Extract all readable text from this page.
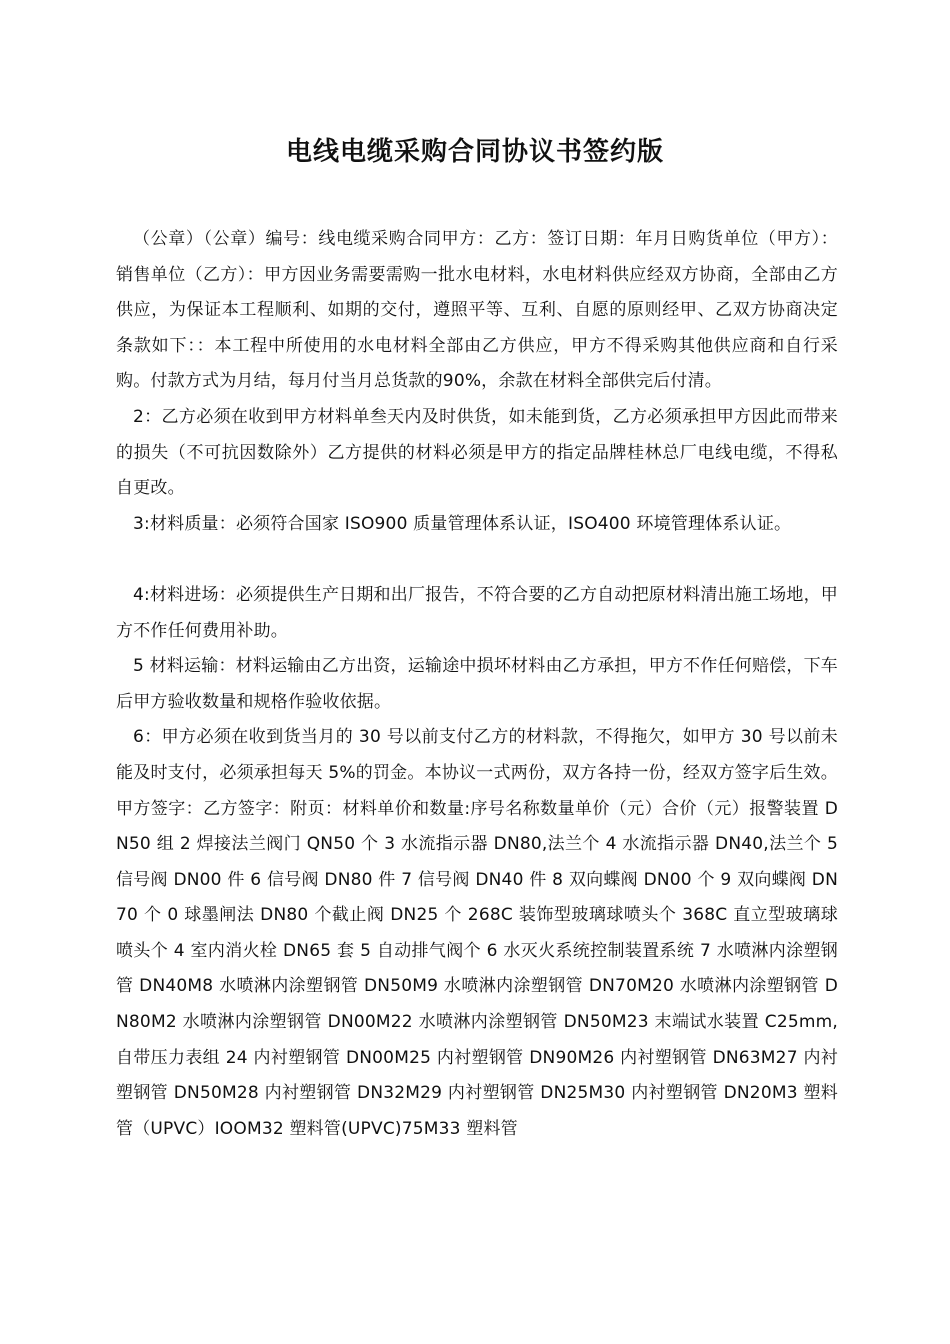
电线电缆采购合同协议书签约版

（公章）（公章）编号：线电缆采购合同甲方：乙方：签订日期：年月日购货单位（甲方）：销售单位（乙方）：甲方因业务需要需购一批水电材料，水电材料供应经双方协商，全部由乙方供应，为保证本工程顺利、如期的交付，遵照平等、互利、自愿的原则经甲、乙双方协商决定条款如下：：本工程中所使用的水电材料全部由乙方供应，甲方不得采购其他供应商和自行采购。付款方式为月结，每月付当月总货款的90%，余款在材料全部供完后付清。

2：乙方必须在收到甲方材料单叁天内及时供货，如未能到货，乙方必须承担甲方因此而带来的损失（不可抗因数除外）乙方提供的材料必须是甲方的指定品牌桂林总厂电线电缆，不得私自更改。

3:材料质量：必须符合国家 ISO900 质量管理体系认证，ISO400 环境管理体系认证。

4:材料进场：必须提供生产日期和出厂报告，不符合要的乙方自动把原材料清出施工场地，甲方不作任何费用补助。

5 材料运输：材料运输由乙方出资，运输途中损坏材料由乙方承担，甲方不作任何赔偿，下车后甲方验收数量和规格作验收依据。

6：甲方必须在收到货当月的 30 号以前支付乙方的材料款，不得拖欠，如甲方 30 号以前未能及时支付，必须承担每天 5%的罚金。本协议一式两份，双方各持一份，经双方签字后生效。甲方签字：乙方签字：附页：材料单价和数量:序号名称数量单价（元）合价（元）报警装置 DN50 组 2 焊接法兰阀门 QN50 个 3 水流指示器 DN80,法兰个 4 水流指示器 DN40,法兰个 5 信号阀 DN00 件 6 信号阀 DN80 件 7 信号阀 DN40 件 8 双向蝶阀 DN00 个 9 双向蝶阀 DN70 个 0 球墨闸法 DN80 个截止阀 DN25 个 268C 装饰型玻璃球喷头个 368C 直立型玻璃球喷头个 4 室内消火栓 DN65 套 5 自动排气阀个 6 水灭火系统控制装置系统 7 水喷淋内涂塑钢管 DN40M8 水喷淋内涂塑钢管 DN50M9 水喷淋内涂塑钢管 DN70M20 水喷淋内涂塑钢管 DN80M2 水喷淋内涂塑钢管 DN00M22 水喷淋内涂塑钢管 DN50M23 末端试水装置 C25mm,自带压力表组 24 内衬塑钢管 DN00M25 内衬塑钢管 DN90M26 内衬塑钢管 DN63M27 内衬塑钢管 DN50M28 内衬塑钢管 DN32M29 内衬塑钢管 DN25M30 内衬塑钢管 DN20M3 塑料管（UPVC）IOOM32 塑料管(UPVC)75M33 塑料管
